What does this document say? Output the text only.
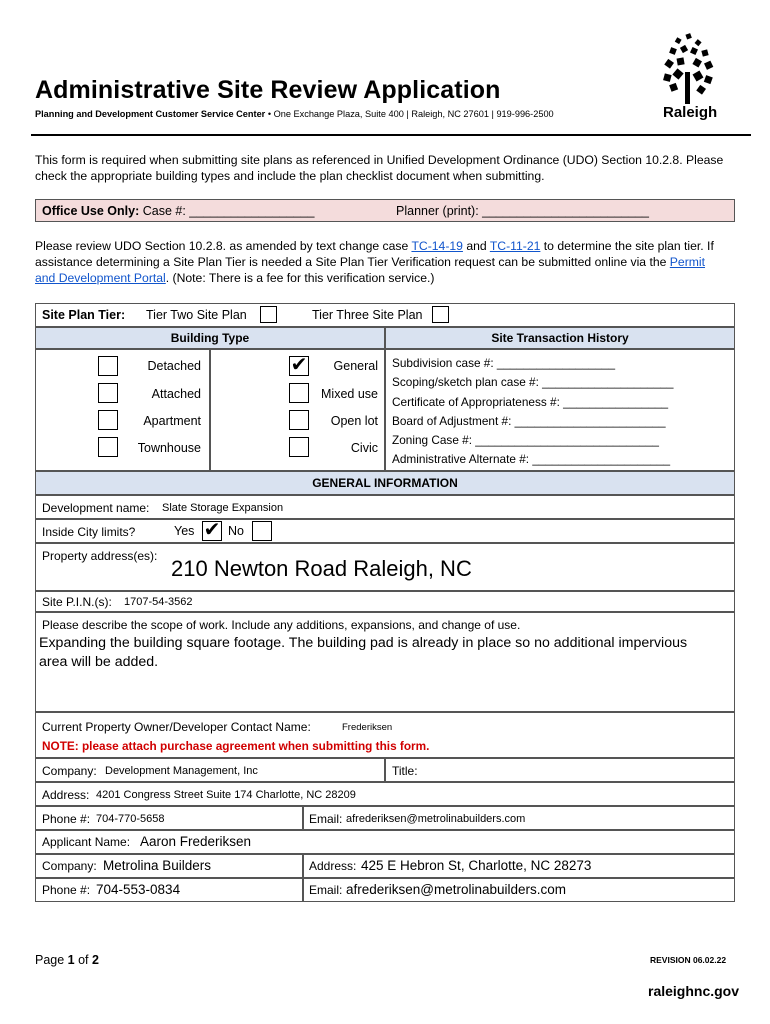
Administrative Site Review Application
Planning and Development Customer Service Center • One Exchange Plaza, Suite 400 | Raleigh, NC 27601 | 919-996-2500	Raleigh
This form is required when submitting site plans as referenced in Unified Development Ordinance (UDO) Section 10.2.8. Please check the appropriate building types and include the plan checklist document when submitting.
Office Use Only: Case #: __________________	Planner (print): ________________________
Please review UDO Section 10.2.8. as amended by text change case TC-14-19 and TC-11-21 to determine the site plan tier. If assistance determining a Site Plan Tier is needed a Site Plan Tier Verification request can be submitted online via the Permit and Development Portal. (Note: There is a fee for this verification service.)
Site Plan Tier: Tier Two Site Plan	Tier Three Site Plan
Building Type	Site Transaction History
Detached
Attached
Apartment
Townhouse
✔ General
Mixed use
Open lot
Civic
Subdivision case #: __________________
Scoping/sketch plan case #: ____________________
Certificate of Appropriateness #: ________________
Board of Adjustment #: _______________________
Zoning Case #: ____________________________
Administrative Alternate #: _____________________
GENERAL INFORMATION
Development name: Slate Storage Expansion
Inside City limits?	Yes ✔ No
Property address(es): 210 Newton Road Raleigh, NC
Site P.I.N.(s): 1707-54-3562
Please describe the scope of work. Include any additions, expansions, and change of use.
Expanding the building square footage. The building pad is already in place so no additional impervious area will be added.
Current Property Owner/Developer Contact Name:	Frederiksen
NOTE: please attach purchase agreement when submitting this form.
Company: Development Management, Inc	Title:
Address: 4201 Congress Street Suite 174 Charlotte, NC 28209
Phone #: 704-770-5658	Email: afrederiksen@metrolinabuilders.com
Applicant Name: Aaron Frederiksen
Company: Metrolina Builders	Address: 425 E Hebron St, Charlotte, NC 28273
Phone #: 704-553-0834	Email: afrederiksen@metrolinabuilders.com
Page 1 of 2	REVISION 06.02.22
raleighnc.gov
